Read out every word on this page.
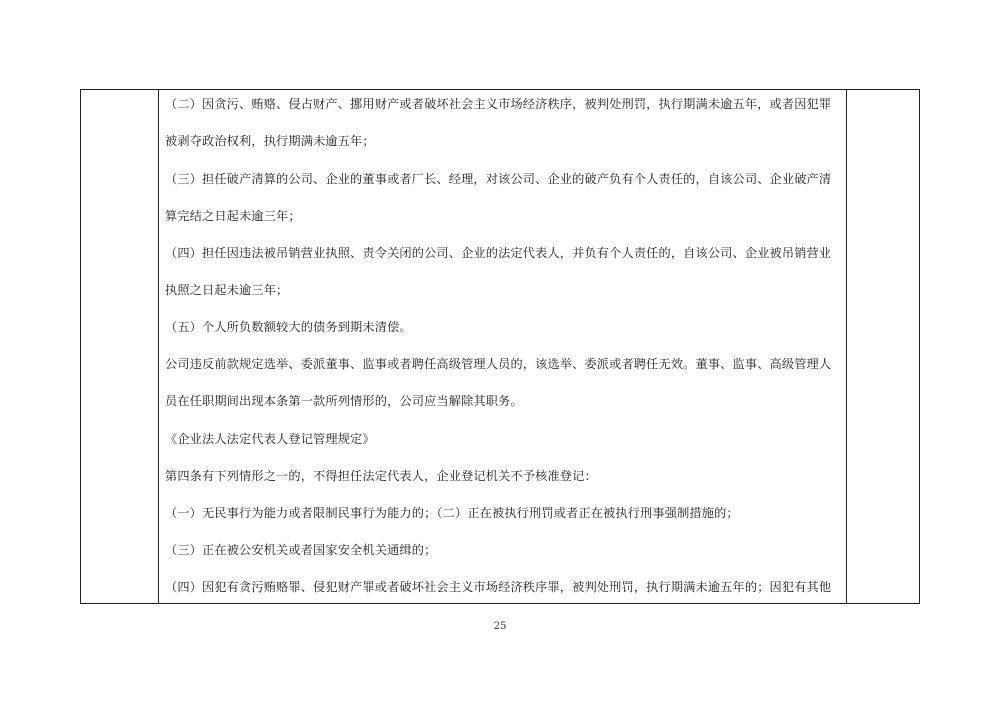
（二）因贪污、贿赂、侵占财产、挪用财产或者破坏社会主义市场经济秩序，被判处刑罚，执行期满未逾五年，或者因犯罪
被剥夺政治权利，执行期满未逾五年；
（三）担任破产清算的公司、企业的董事或者厂长、经理，对该公司、企业的破产负有个人责任的，自该公司、企业破产清
算完结之日起未逾三年；
（四）担任因违法被吊销营业执照、责令关闭的公司、企业的法定代表人，并负有个人责任的，自该公司、企业被吊销营业
执照之日起未逾三年；
（五）个人所负数额较大的债务到期未清偿。
公司违反前款规定选举、委派董事、监事或者聘任高级管理人员的，该选举、委派或者聘任无效。董事、监事、高级管理人
员在任职期间出现本条第一款所列情形的，公司应当解除其职务。
《企业法人法定代表人登记管理规定》
第四条有下列情形之一的，不得担任法定代表人，企业登记机关不予核准登记：
（一）无民事行为能力或者限制民事行为能力的；（二）正在被执行刑罚或者正在被执行刑事强制措施的；
（三）正在被公安机关或者国家安全机关通缉的；
（四）因犯有贪污贿赂罪、侵犯财产罪或者破坏社会主义市场经济秩序罪，被判处刑罚，执行期满未逾五年的；因犯有其他
25
